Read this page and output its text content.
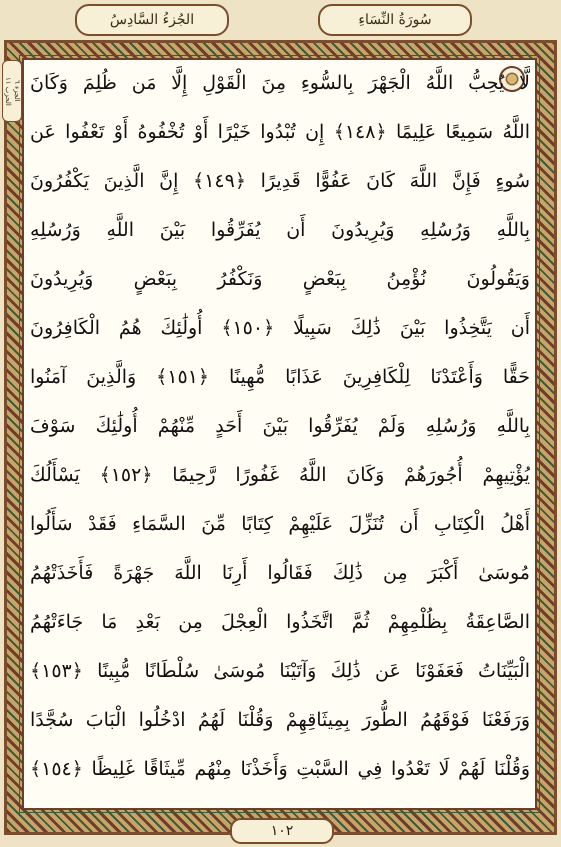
الجُزءُ السَّادِسُ	سُورَةُ النِّسَاءِ
الجزء ٦
الحزب ١١
لَّا يُحِبُّ اللَّهُ الْجَهْرَ بِالسُّوءِ مِنَ الْقَوْلِ إِلَّا مَن ظُلِمَ وَكَانَ
اللَّهُ سَمِيعًا عَلِيمًا ﴿١٤٨﴾ إِن تُبْدُوا خَيْرًا أَوْ تُخْفُوهُ أَوْ تَعْفُوا عَن
سُوءٍ فَإِنَّ اللَّهَ كَانَ عَفُوًّا قَدِيرًا ﴿١٤٩﴾ إِنَّ الَّذِينَ يَكْفُرُونَ
بِاللَّهِ وَرُسُلِهِ وَيُرِيدُونَ أَن يُفَرِّقُوا بَيْنَ اللَّهِ وَرُسُلِهِ
وَيَقُولُونَ نُؤْمِنُ بِبَعْضٍ وَنَكْفُرُ بِبَعْضٍ وَيُرِيدُونَ
أَن يَتَّخِذُوا بَيْنَ ذَٰلِكَ سَبِيلًا ﴿١٥٠﴾ أُولَٰئِكَ هُمُ الْكَافِرُونَ
حَقًّا وَأَعْتَدْنَا لِلْكَافِرِينَ عَذَابًا مُّهِينًا ﴿١٥١﴾ وَالَّذِينَ آمَنُوا
بِاللَّهِ وَرُسُلِهِ وَلَمْ يُفَرِّقُوا بَيْنَ أَحَدٍ مِّنْهُمْ أُولَٰئِكَ سَوْفَ
يُؤْتِيهِمْ أُجُورَهُمْ وَكَانَ اللَّهُ غَفُورًا رَّحِيمًا ﴿١٥٢﴾ يَسْأَلُكَ
أَهْلُ الْكِتَابِ أَن تُنَزِّلَ عَلَيْهِمْ كِتَابًا مِّنَ السَّمَاءِ فَقَدْ سَأَلُوا
مُوسَىٰ أَكْبَرَ مِن ذَٰلِكَ فَقَالُوا أَرِنَا اللَّهَ جَهْرَةً فَأَخَذَتْهُمُ
الصَّاعِقَةُ بِظُلْمِهِمْ ثُمَّ اتَّخَذُوا الْعِجْلَ مِن بَعْدِ مَا جَاءَتْهُمُ
الْبَيِّنَاتُ فَعَفَوْنَا عَن ذَٰلِكَ وَآتَيْنَا مُوسَىٰ سُلْطَانًا مُّبِينًا ﴿١٥٣﴾
وَرَفَعْنَا فَوْقَهُمُ الطُّورَ بِمِيثَاقِهِمْ وَقُلْنَا لَهُمُ ادْخُلُوا الْبَابَ سُجَّدًا
وَقُلْنَا لَهُمْ لَا تَعْدُوا فِي السَّبْتِ وَأَخَذْنَا مِنْهُم مِّيثَاقًا غَلِيظًا ﴿١٥٤﴾
١٠٢
